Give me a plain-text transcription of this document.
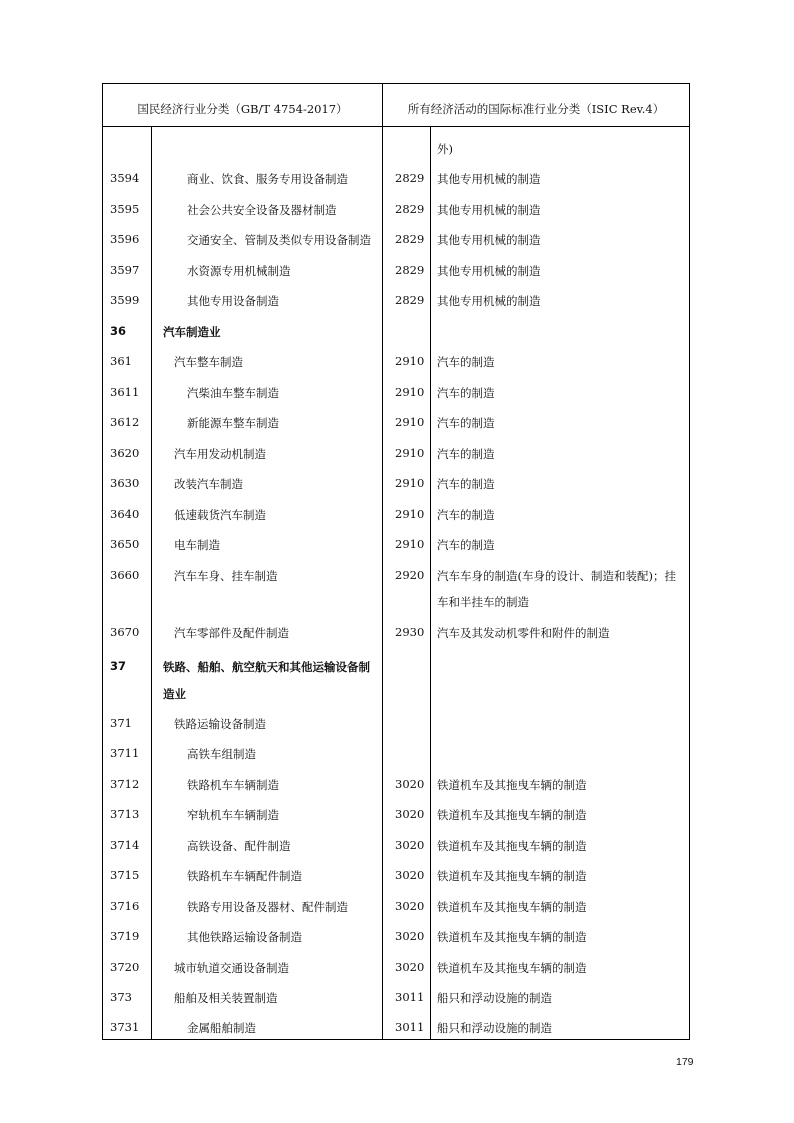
国民经济行业分类（GB/T 4754-2017）	所有经济活动的国际标准行业分类（ISIC Rev.4）
外)
3594	商业、饮食、服务专用设备制造	2829 其他专用机械的制造
3595	社会公共安全设备及器材制造	2829 其他专用机械的制造
3596	交通安全、管制及类似专用设备制造 2829 其他专用机械的制造
3597	水资源专用机械制造	2829 其他专用机械的制造
3599	其他专用设备制造	2829 其他专用机械的制造
36	汽车制造业
361	汽车整车制造	2910 汽车的制造
3611	汽柴油车整车制造	2910 汽车的制造
3612	新能源车整车制造	2910 汽车的制造
3620	汽车用发动机制造	2910 汽车的制造
3630	改装汽车制造	2910 汽车的制造
3640	低速载货汽车制造	2910 汽车的制造
3650	电车制造	2910 汽车的制造
3660	汽车车身、挂车制造	2920 汽车车身的制造(车身的设计、制造和装配)；挂
车和半挂车的制造
3670	汽车零部件及配件制造	2930 汽车及其发动机零件和附件的制造
37	铁路、船舶、航空航天和其他运输设备制
造业
371	铁路运输设备制造
3711	高铁车组制造
3712	铁路机车车辆制造	3020 铁道机车及其拖曳车辆的制造
3713	窄轨机车车辆制造	3020 铁道机车及其拖曳车辆的制造
3714	高铁设备、配件制造	3020 铁道机车及其拖曳车辆的制造
3715	铁路机车车辆配件制造	3020 铁道机车及其拖曳车辆的制造
3716	铁路专用设备及器材、配件制造	3020 铁道机车及其拖曳车辆的制造
3719	其他铁路运输设备制造	3020 铁道机车及其拖曳车辆的制造
3720	城市轨道交通设备制造	3020 铁道机车及其拖曳车辆的制造
373	船舶及相关装置制造	3011 船只和浮动设施的制造
3731	金属船舶制造	3011 船只和浮动设施的制造
179
